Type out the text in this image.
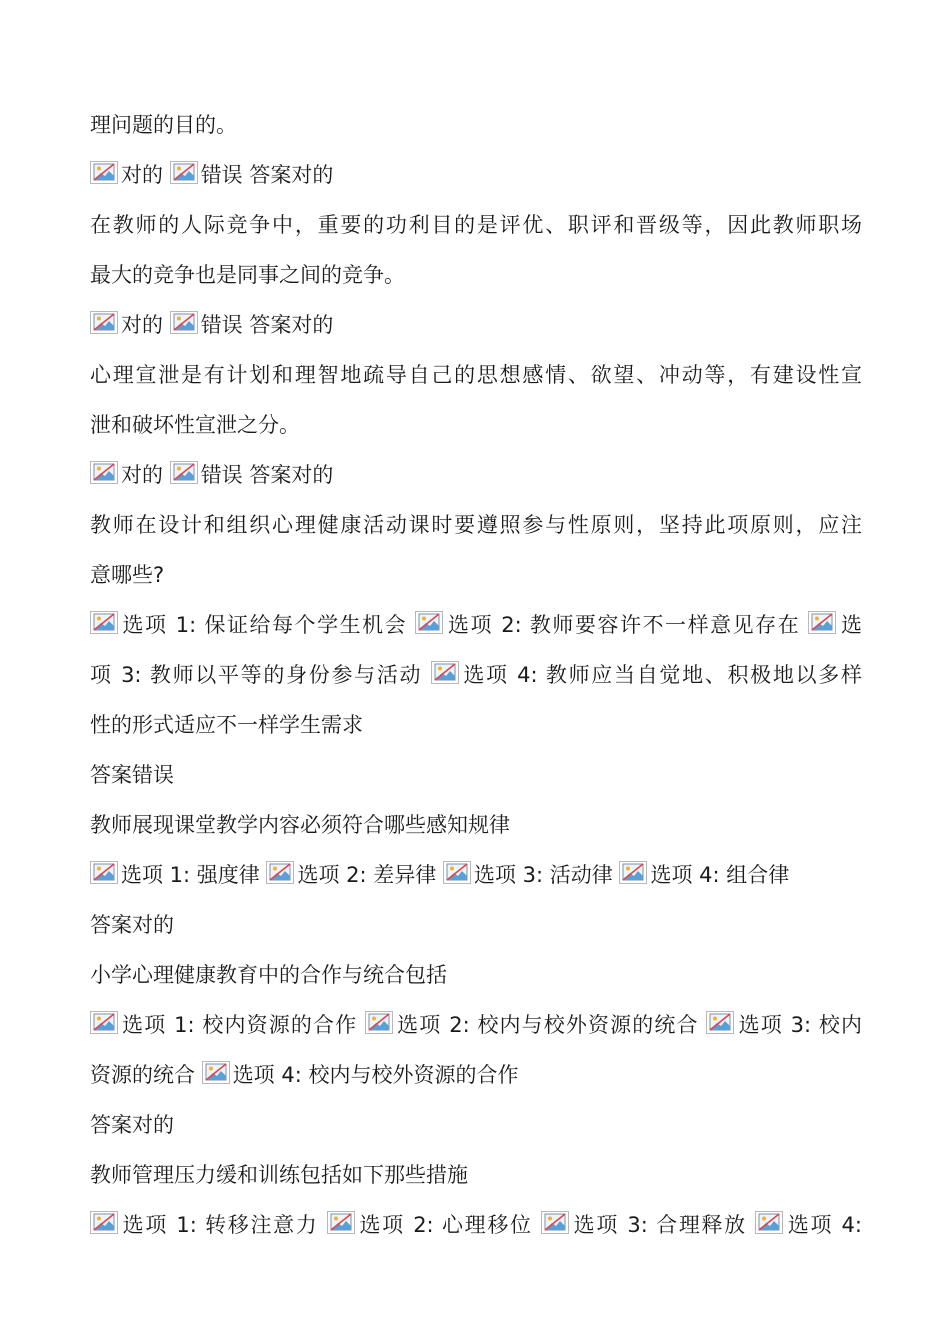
理问题的目的。
对的 错误 答案对的
在教师的人际竞争中，重要的功利目的是评优、职评和晋级等，因此教师职场
最大的竞争也是同事之间的竞争。
对的 错误 答案对的
心理宣泄是有计划和理智地疏导自己的思想感情、欲望、冲动等，有建设性宣
泄和破坏性宣泄之分。
对的 错误 答案对的
教师在设计和组织心理健康活动课时要遵照参与性原则，坚持此项原则，应注
意哪些?
选项 1: 保证给每个学生机会 选项 2: 教师要容许不一样意见存在 选
项 3: 教师以平等的身份参与活动 选项 4: 教师应当自觉地、积极地以多样
性的形式适应不一样学生需求
答案错误
教师展现课堂教学内容必须符合哪些感知规律
选项 1: 强度律 选项 2: 差异律 选项 3: 活动律 选项 4: 组合律
答案对的
小学心理健康教育中的合作与统合包括
选项 1: 校内资源的合作 选项 2: 校内与校外资源的统合 选项 3: 校内
资源的统合 选项 4: 校内与校外资源的合作
答案对的
教师管理压力缓和训练包括如下那些措施
选项 1: 转移注意力 选项 2: 心理移位 选项 3: 合理释放 选项 4:
